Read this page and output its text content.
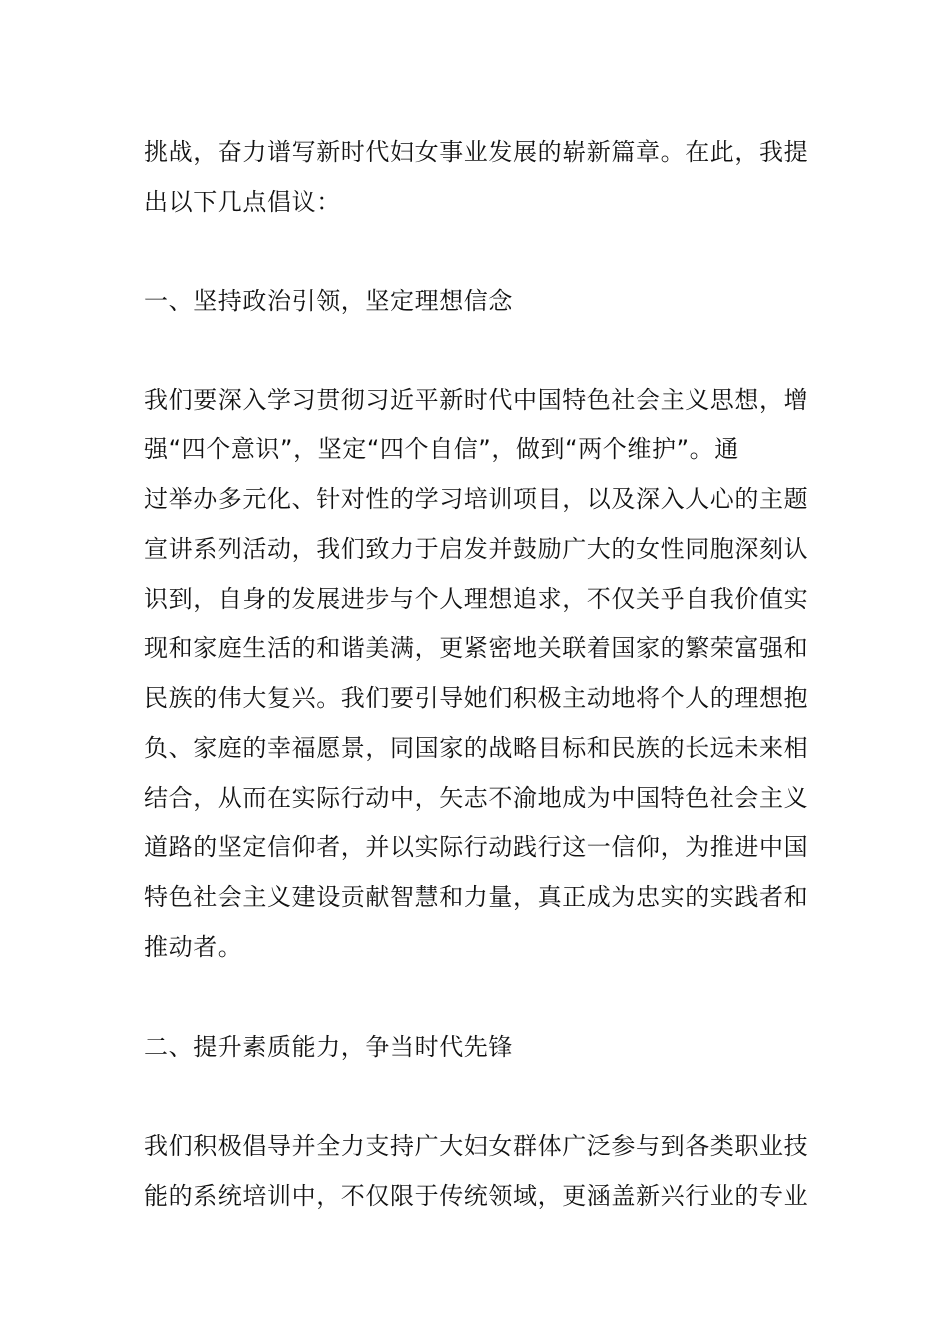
挑战，奋力谱写新时代妇女事业发展的崭新篇章。在此，我提
出以下几点倡议：
一、坚持政治引领，坚定理想信念
我们要深入学习贯彻习近平新时代中国特色社会主义思想，增
强“四个意识”，坚定“四个自信”，做到“两个维护”。通
过举办多元化、针对性的学习培训项目，以及深入人心的主题
宣讲系列活动，我们致力于启发并鼓励广大的女性同胞深刻认
识到，自身的发展进步与个人理想追求，不仅关乎自我价值实
现和家庭生活的和谐美满，更紧密地关联着国家的繁荣富强和
民族的伟大复兴。我们要引导她们积极主动地将个人的理想抱
负、家庭的幸福愿景，同国家的战略目标和民族的长远未来相
结合，从而在实际行动中，矢志不渝地成为中国特色社会主义
道路的坚定信仰者，并以实际行动践行这一信仰，为推进中国
特色社会主义建设贡献智慧和力量，真正成为忠实的实践者和
推动者。
二、提升素质能力，争当时代先锋
我们积极倡导并全力支持广大妇女群体广泛参与到各类职业技
能的系统培训中，不仅限于传统领域，更涵盖新兴行业的专业
